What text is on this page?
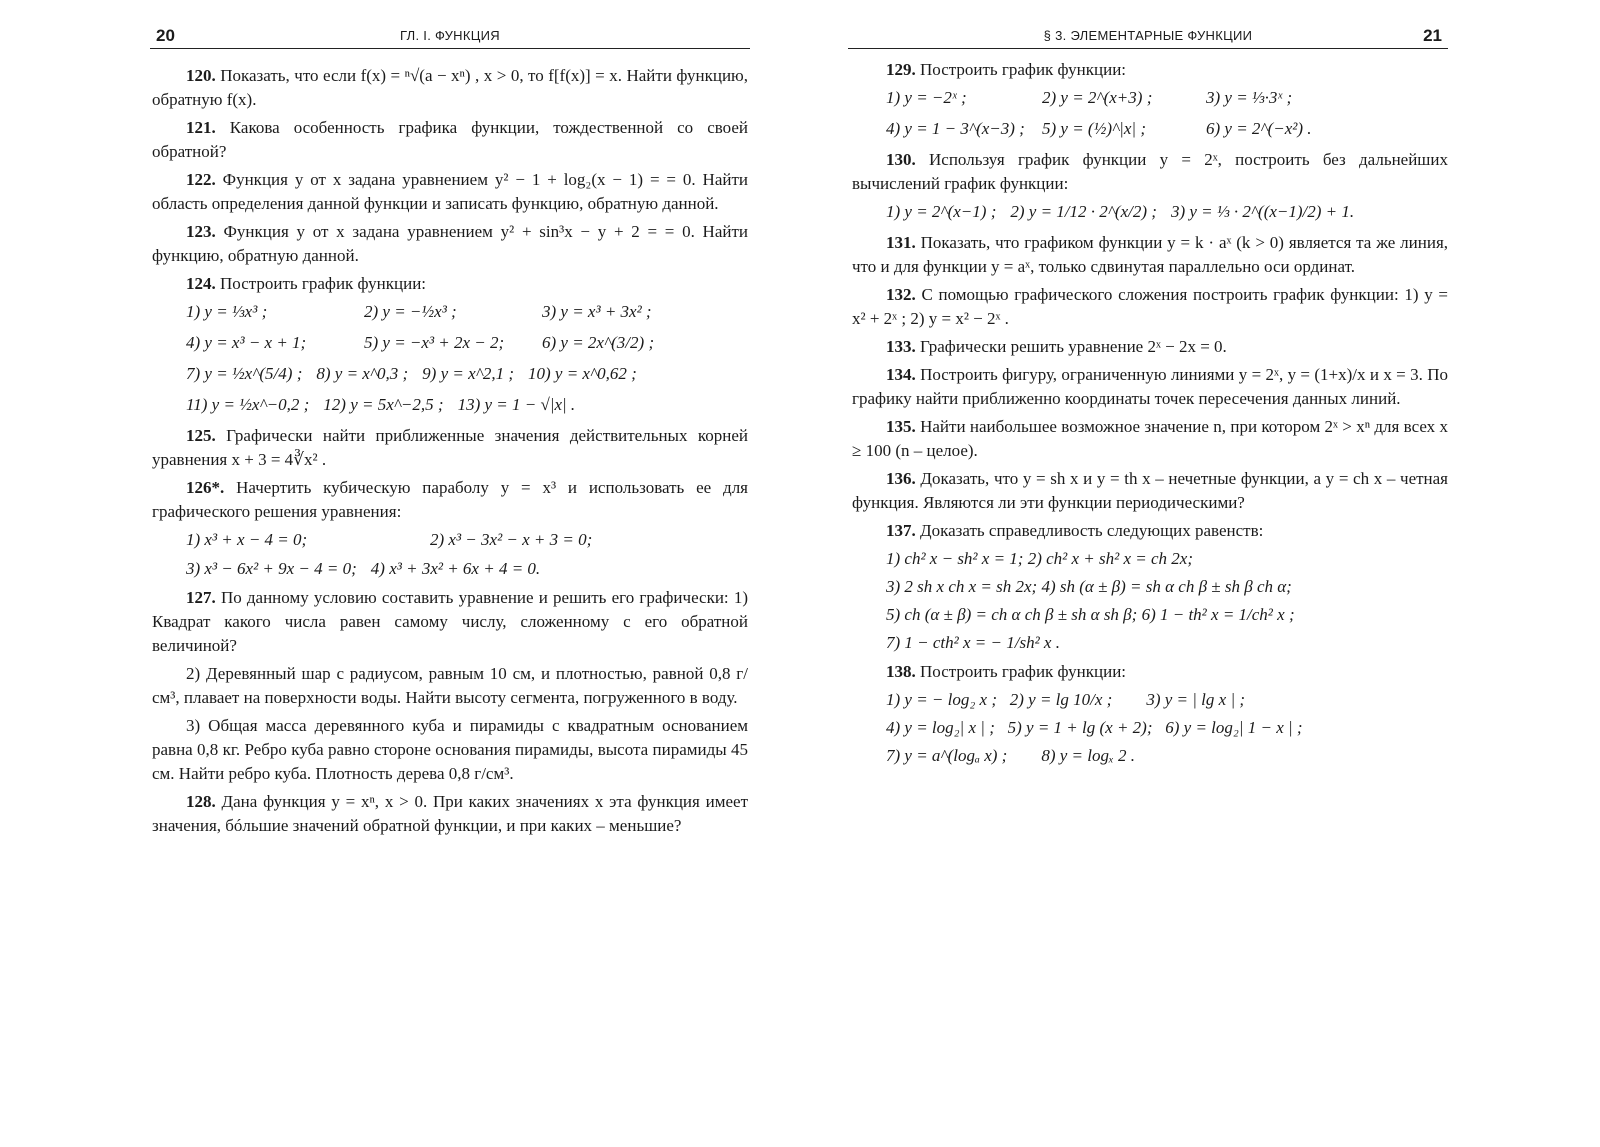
20	ГЛ. I. ФУНКЦИЯ

120. Показать, что если f(x) = ⁿ√(a − xⁿ) , x > 0, то f[f(x)] = x. Найти функцию, обратную f(x).

121. Какова особенность графика функции, тождественной со своей обратной?

122. Функция y от x задана уравнением y² − 1 + log₂(x − 1) = = 0. Найти область определения данной функции и записать функцию, обратную данной.

123. Функция y от x задана уравнением y² + sin³x − y + 2 = = 0. Найти функцию, обратную данной.

124. Построить график функции:

1) y = ⅓x³ ;	2) y = −½x³ ;	3) y = x³ + 3x² ;
4) y = x³ − x + 1;	5) y = −x³ + 2x − 2;	6) y = 2x^(3/2) ;
7) y = ½x^(5/4) ; 8) y = x^0,3 ; 9) y = x^2,1 ; 10) y = x^0,62 ;
11) y = ½x^−0,2 ; 12) y = 5x^−2,5 ; 13) y = 1 − √|x| .

125. Графически найти приближенные значения действительных корней уравнения x + 3 = 4∛x² .

126*. Начертить кубическую параболу y = x³ и использовать ее для графического решения уравнения:

1) x³ + x − 4 = 0;	2) x³ − 3x² − x + 3 = 0;
3) x³ − 6x² + 9x − 4 = 0; 4) x³ + 3x² + 6x + 4 = 0.

127. По данному условию составить уравнение и решить его графически: 1) Квадрат какого числа равен самому числу, сложенному с его обратной величиной?

2) Деревянный шар с радиусом, равным 10 см, и плотностью, равной 0,8 г/см³, плавает на поверхности воды. Найти высоту сегмента, погруженного в воду.

3) Общая масса деревянного куба и пирамиды с квадратным основанием равна 0,8 кг. Ребро куба равно стороне основания пирамиды, высота пирамиды 45 см. Найти ребро куба. Плотность дерева 0,8 г/см³.

128. Дана функция y = xⁿ, x > 0. При каких значениях x эта функция имеет значения, бóльшие значений обратной функции, и при каких – меньшие?

§ 3. ЭЛЕМЕНТАРНЫЕ ФУНКЦИИ	21

129. Построить график функции:

1) y = −2ˣ ;	2) y = 2^(x+3) ;	3) y = ⅓·3ˣ ;
4) y = 1 − 3^(x−3) ;	5) y = (½)^|x| ;	6) y = 2^(−x²) .

130. Используя график функции y = 2ˣ, построить без дальнейших вычислений график функции:

1) y = 2^(x−1) ; 2) y = 1/12 · 2^(x/2) ; 3) y = ⅓ · 2^((x−1)/2) + 1.

131. Показать, что графиком функции y = k · aˣ (k > 0) является та же линия, что и для функции y = aˣ, только сдвинутая параллельно оси ординат.

132. С помощью графического сложения построить график функции: 1) y = x² + 2ˣ ; 2) y = x² − 2ˣ .

133. Графически решить уравнение 2ˣ − 2x = 0.

134. Построить фигуру, ограниченную линиями y = 2ˣ, y = (1+x)/x и x = 3. По графику найти приближенно координаты точек пересечения данных линий.

135. Найти наибольшее возможное значение n, при котором 2ˣ > xⁿ для всех x ≥ 100 (n – целое).

136. Доказать, что y = sh x и y = th x – нечетные функции, а y = ch x – четная функция. Являются ли эти функции периодическими?

137. Доказать справедливость следующих равенств:

1) ch² x − sh² x = 1; 2) ch² x + sh² x = ch 2x;
3) 2 sh x ch x = sh 2x; 4) sh (α ± β) = sh α ch β ± sh β ch α;
5) ch (α ± β) = ch α ch β ± sh α sh β; 6) 1 − th² x = 1/ch² x ;
7) 1 − cth² x = − 1/sh² x .

138. Построить график функции:

1) y = − log₂ x ;   2) y = lg 10/x ;        3) y = | lg x | ;
4) y = log₂| x | ;   5) y = 1 + lg (x + 2);   6) y = log₂| 1 − x | ;
7) y = a^(logₐ x) ;        8) y = logₓ 2 .
